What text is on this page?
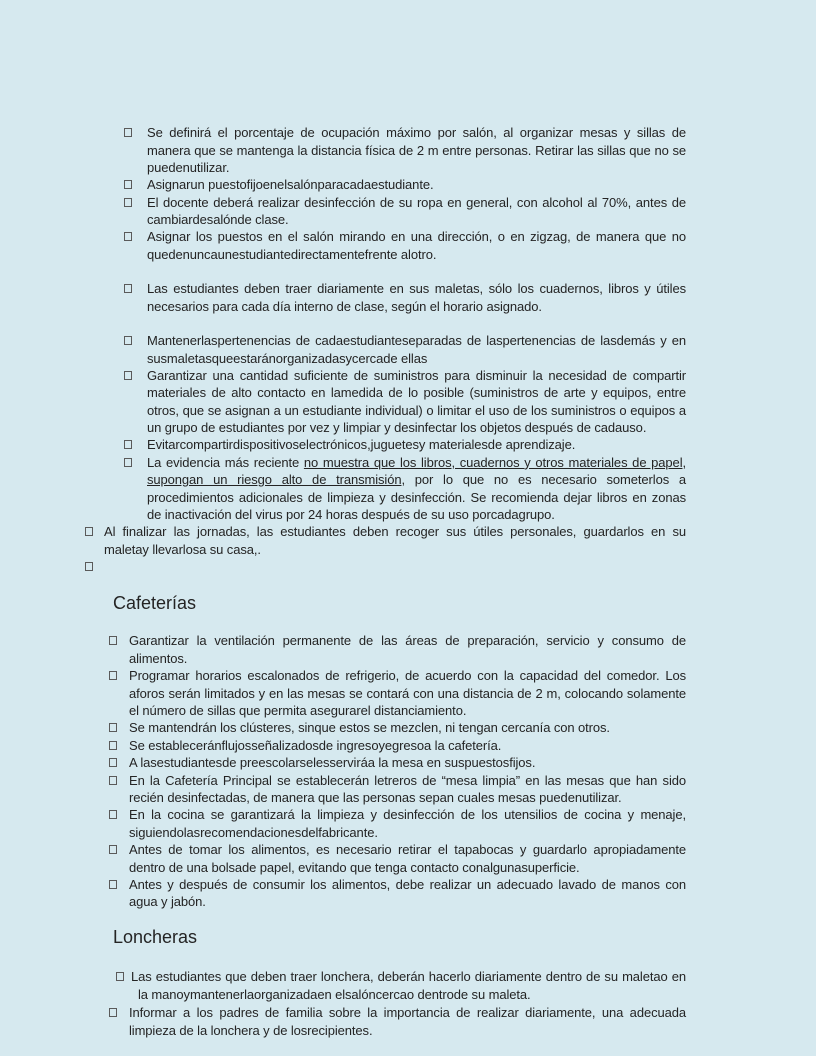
Se definirá el porcentaje de ocupación máximo por salón, al organizar mesas y sillas de manera que se mantenga la distancia física de 2 m entre personas. Retirar las sillas que no se puedenutilizar.
Asignarun puestofijoenelsalónparacadaestudiante.
El docente deberá realizar desinfección de su ropa en general, con alcohol al 70%, antes de cambiardesalónde clase.
Asignar los puestos en el salón mirando en una dirección, o en zigzag, de manera que no quedenuncaunestudiantedirectamentefrente alotro.
Las estudiantes deben traer diariamente en sus maletas, sólo los cuadernos, libros y útiles necesarios para cada día interno de clase, según el horario asignado.
Mantenerlaspertenencias de cadaestudianteseparadas de laspertenencias de lasdemás y en susmaletasqueestaránorganizadasycercade ellas
Garantizar una cantidad suficiente de suministros para disminuir la necesidad de compartir materiales de alto contacto en lamedida de lo posible (suministros de arte y equipos, entre otros, que se asignan a un estudiante individual) o limitar el uso de los suministros o equipos a un grupo de estudiantes por vez y limpiar y desinfectar los objetos después de cadauso.
Evitarcompartirdispositivoselectrónicos,juguetesy materialesde aprendizaje.
La evidencia más reciente no muestra que los libros, cuadernos y otros materiales de papel, supongan un riesgo alto de transmisión, por lo que no es necesario someterlos a procedimientos adicionales de limpieza y desinfección. Se recomienda dejar libros en zonas de inactivación del virus por 24 horas después de su uso porcadagrupo.
Al finalizar las jornadas, las estudiantes deben recoger sus útiles personales, guardarlos en su maletay llevarlosa su casa,.
Cafeterías
Garantizar la ventilación permanente de las áreas de preparación, servicio y consumo de alimentos.
Programar horarios escalonados de refrigerio, de acuerdo con la capacidad del comedor. Los aforos serán limitados y en las mesas se contará con una distancia de 2 m, colocando solamente el número de sillas que permita asegurarel distanciamiento.
Se mantendrán los clústeres, sinque estos se mezclen, ni tengan cercanía con otros.
Se estableceránflujosseñalizadosde ingresoyegresoa la cafetería.
A lasestudiantesde preescolarselesserviráa la mesa en suspuestosfijos.
En la Cafetería Principal se establecerán letreros de “mesa limpia” en las mesas que han sido recién desinfectadas, de manera que las personas sepan cuales mesas puedenutilizar.
En la cocina se garantizará la limpieza y desinfección de los utensilios de cocina y menaje, siguiendolasrecomendacionesdelfabricante.
Antes de tomar los alimentos, es necesario retirar el tapabocas y guardarlo apropiadamente dentro de una bolsade papel, evitando que tenga contacto conalgunasuperficie.
Antes y después de consumir los alimentos, debe realizar un adecuado lavado de manos con agua y jabón.
Loncheras
Las estudiantes que deben traer lonchera, deberán hacerlo diariamente dentro de su maletao en la manoymantenerlaorganizadaen elsalóncercao dentrode su maleta.
Informar a los padres de familia sobre la importancia de realizar diariamente, una adecuada limpieza de la lonchera y de losrecipientes.
